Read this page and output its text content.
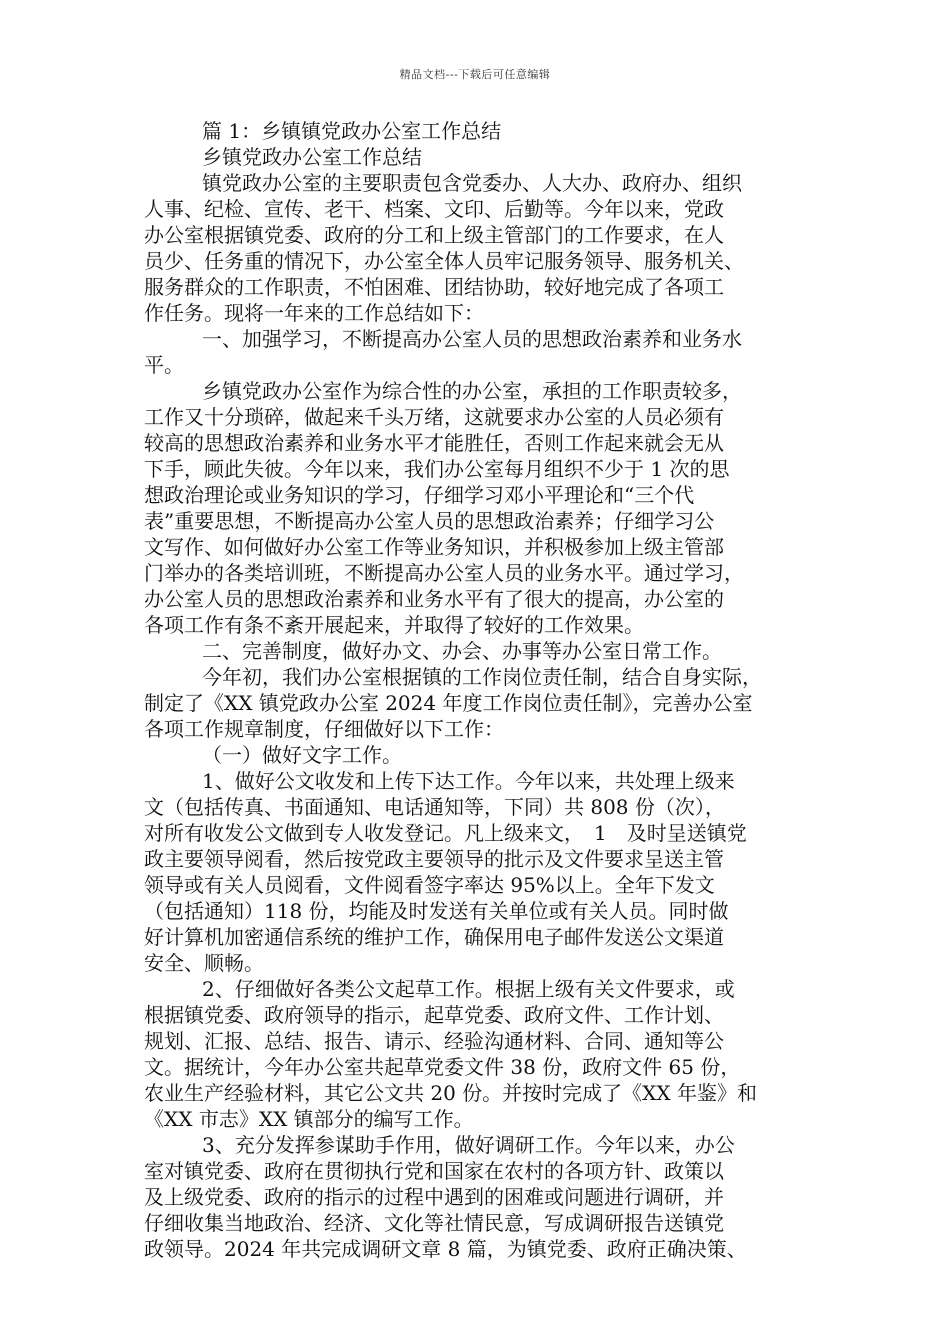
精品文档---下载后可任意编辑
篇 1：乡镇镇党政办公室工作总结
乡镇党政办公室工作总结
镇党政办公室的主要职责包含党委办、人大办、政府办、组织
人事、纪检、宣传、老干、档案、文印、后勤等。今年以来，党政
办公室根据镇党委、政府的分工和上级主管部门的工作要求，在人
员少、任务重的情况下，办公室全体人员牢记服务领导、服务机关、
服务群众的工作职责，不怕困难、团结协助，较好地完成了各项工
作任务。现将一年来的工作总结如下：
一、加强学习，不断提高办公室人员的思想政治素养和业务水
平。
乡镇党政办公室作为综合性的办公室，承担的工作职责较多，
工作又十分琐碎，做起来千头万绪，这就要求办公室的人员必须有
较高的思想政治素养和业务水平才能胜任，否则工作起来就会无从
下手，顾此失彼。今年以来，我们办公室每月组织不少于 1 次的思
想政治理论或业务知识的学习，仔细学习邓小平理论和“三个代
表”重要思想，不断提高办公室人员的思想政治素养；仔细学习公
文写作、如何做好办公室工作等业务知识，并积极参加上级主管部
门举办的各类培训班，不断提高办公室人员的业务水平。通过学习，
办公室人员的思想政治素养和业务水平有了很大的提高，办公室的
各项工作有条不紊开展起来，并取得了较好的工作效果。
二、完善制度，做好办文、办会、办事等办公室日常工作。
今年初，我们办公室根据镇的工作岗位责任制，结合自身实际，
制定了《XX 镇党政办公室 2024 年度工作岗位责任制》，完善办公室
各项工作规章制度，仔细做好以下工作：
（一）做好文字工作。
1、做好公文收发和上传下达工作。今年以来，共处理上级来
文（包括传真、书面通知、电话通知等，下同）共 808 份（次），
对所有收发公文做到专人收发登记。凡上级来文，　1　及时呈送镇党
政主要领导阅看，然后按党政主要领导的批示及文件要求呈送主管
领导或有关人员阅看，文件阅看签字率达 95%以上。全年下发文
（包括通知）118 份，均能及时发送有关单位或有关人员。同时做
好计算机加密通信系统的维护工作，确保用电子邮件发送公文渠道
安全、顺畅。
2、仔细做好各类公文起草工作。根据上级有关文件要求，或
根据镇党委、政府领导的指示，起草党委、政府文件、工作计划、
规划、汇报、总结、报告、请示、经验沟通材料、合同、通知等公
文。据统计，今年办公室共起草党委文件 38 份，政府文件 65 份，
农业生产经验材料，其它公文共 20 份。并按时完成了《XX 年鉴》和
《XX 市志》XX 镇部分的编写工作。
3、充分发挥参谋助手作用，做好调研工作。今年以来，办公
室对镇党委、政府在贯彻执行党和国家在农村的各项方针、政策以
及上级党委、政府的指示的过程中遇到的困难或问题进行调研，并
仔细收集当地政治、经济、文化等社情民意，写成调研报告送镇党
政领导。2024 年共完成调研文章 8 篇，为镇党委、政府正确决策、
